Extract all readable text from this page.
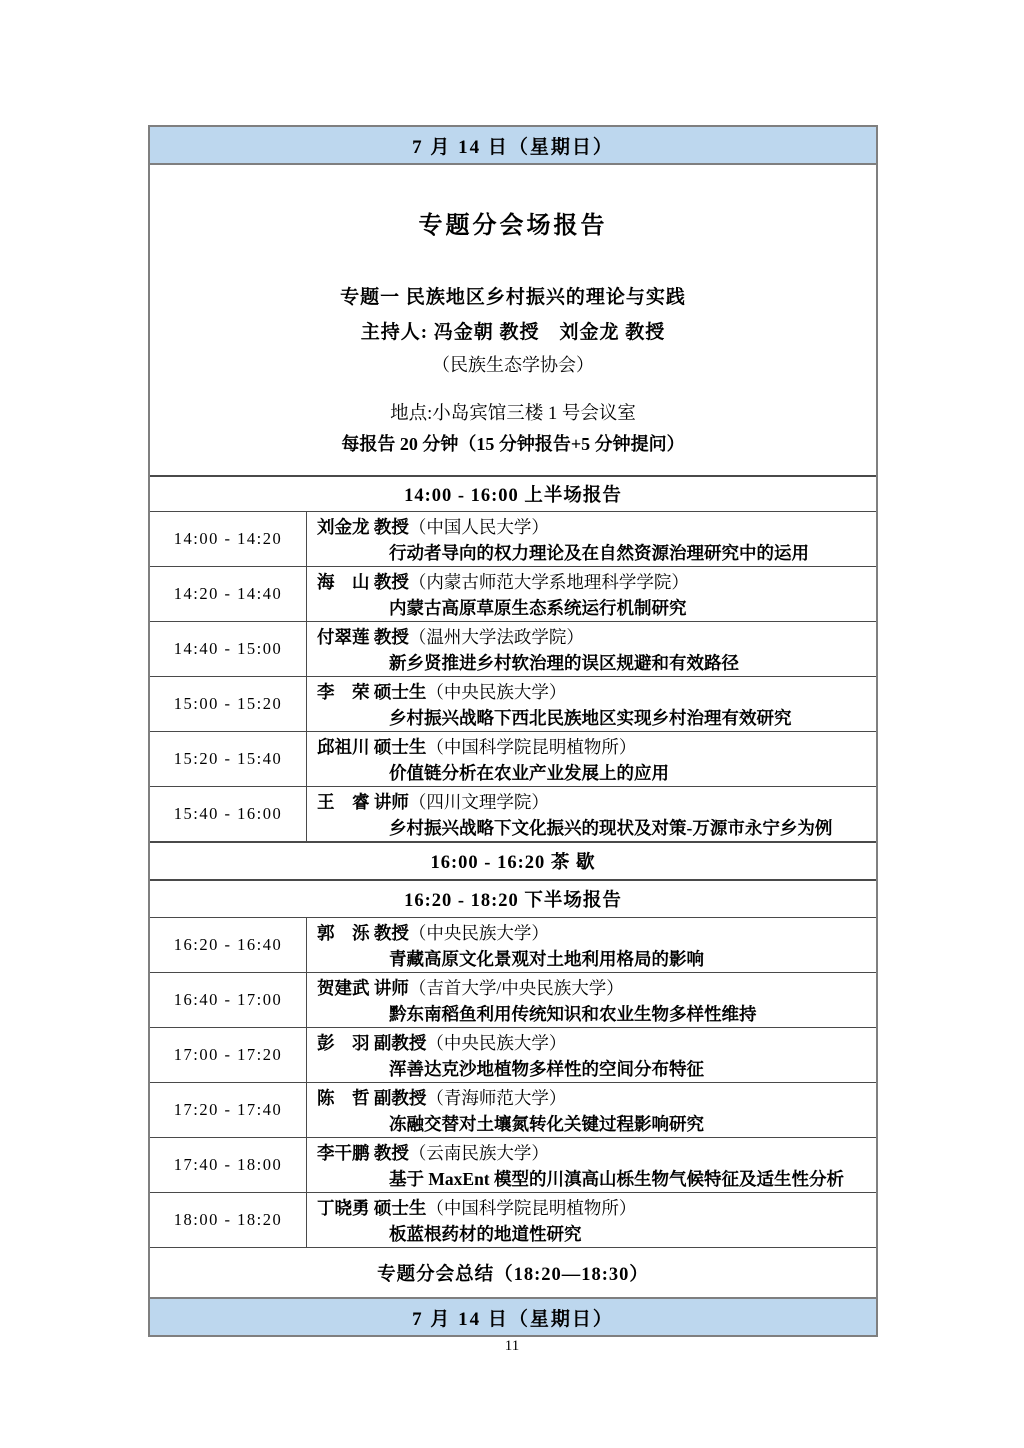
7 月 14 日（星期日）
专题分会场报告
专题一 民族地区乡村振兴的理论与实践
主持人: 冯金朝 教授　刘金龙 教授
（民族生态学协会）
地点:小岛宾馆三楼 1 号会议室
每报告 20 分钟（15 分钟报告+5 分钟提问）
14:00 - 16:00 上半场报告
14:00 - 14:20
刘金龙 教授（中国人民大学）
行动者导向的权力理论及在自然资源治理研究中的运用
14:20 - 14:40
海　山 教授（内蒙古师范大学系地理科学学院）
内蒙古高原草原生态系统运行机制研究
14:40 - 15:00
付翠莲 教授（温州大学法政学院）
新乡贤推进乡村软治理的误区规避和有效路径
15:00 - 15:20
李　荣 硕士生（中央民族大学）
乡村振兴战略下西北民族地区实现乡村治理有效研究
15:20 - 15:40
邱祖川 硕士生（中国科学院昆明植物所）
价值链分析在农业产业发展上的应用
15:40 - 16:00
王　睿 讲师（四川文理学院）
乡村振兴战略下文化振兴的现状及对策-万源市永宁乡为例
16:00 - 16:20 茶 歇
16:20 - 18:20 下半场报告
16:20 - 16:40
郭　泺 教授（中央民族大学）
青藏高原文化景观对土地利用格局的影响
16:40 - 17:00
贺建武 讲师（吉首大学/中央民族大学）
黔东南稻鱼利用传统知识和农业生物多样性维持
17:00 - 17:20
彭　羽 副教授（中央民族大学）
浑善达克沙地植物多样性的空间分布特征
17:20 - 17:40
陈　哲 副教授（青海师范大学）
冻融交替对土壤氮转化关键过程影响研究
17:40 - 18:00
李干鹏 教授（云南民族大学）
基于 MaxEnt 模型的川滇高山栎生物气候特征及适生性分析
18:00 - 18:20
丁晓勇 硕士生（中国科学院昆明植物所）
板蓝根药材的地道性研究
专题分会总结（18:20—18:30）
7 月 14 日（星期日）
11
